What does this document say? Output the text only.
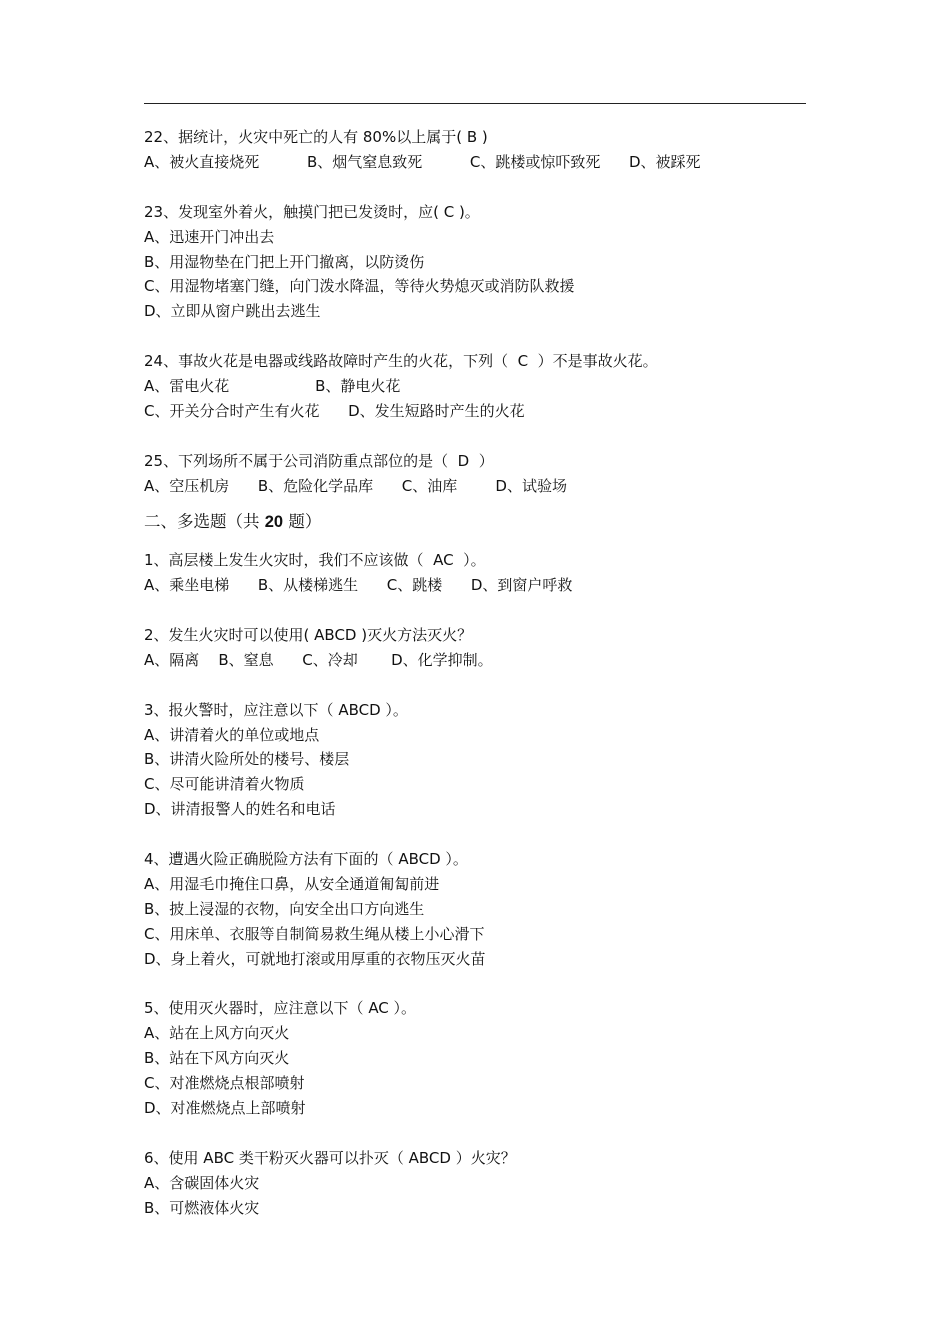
22、据统计，火灾中死亡的人有 80%以上属于( B )
A、被火直接烧死          B、烟气窒息致死          C、跳楼或惊吓致死      D、被踩死
23、发现室外着火，触摸门把已发烫时，应( C )。
A、迅速开门冲出去
B、用湿物垫在门把上开门撤离，以防烫伤
C、用湿物堵塞门缝，向门泼水降温，等待火势熄灭或消防队救援
D、立即从窗户跳出去逃生
24、事故火花是电器或线路故障时产生的火花，下列（  C  ）不是事故火花。
A、雷电火花                  B、静电火花
C、开关分合时产生有火花      D、发生短路时产生的火花
25、下列场所不属于公司消防重点部位的是（  D  ）
A、空压机房      B、危险化学品库      C、油库        D、试验场
二、多选题（共 20 题）
1、高层楼上发生火灾时，我们不应该做（  AC  ）。
A、乘坐电梯      B、从楼梯逃生      C、跳楼      D、到窗户呼救
2、发生火灾时可以使用( ABCD )灭火方法灭火？
A、隔离    B、窒息      C、冷却       D、化学抑制。
3、报火警时，应注意以下（ ABCD ）。
A、讲清着火的单位或地点
B、讲清火险所处的楼号、楼层
C、尽可能讲清着火物质
D、讲清报警人的姓名和电话
4、遭遇火险正确脱险方法有下面的（ ABCD ）。
A、用湿毛巾掩住口鼻，从安全通道匍匐前进
B、披上浸湿的衣物，向安全出口方向逃生
C、用床单、衣服等自制简易救生绳从楼上小心滑下
D、身上着火，可就地打滚或用厚重的衣物压灭火苗
5、使用灭火器时，应注意以下（ AC ）。
A、站在上风方向灭火
B、站在下风方向灭火
C、对准燃烧点根部喷射
D、对准燃烧点上部喷射
6、使用 ABC 类干粉灭火器可以扑灭（ ABCD ）火灾？
A、含碳固体火灾
B、可燃液体火灾
